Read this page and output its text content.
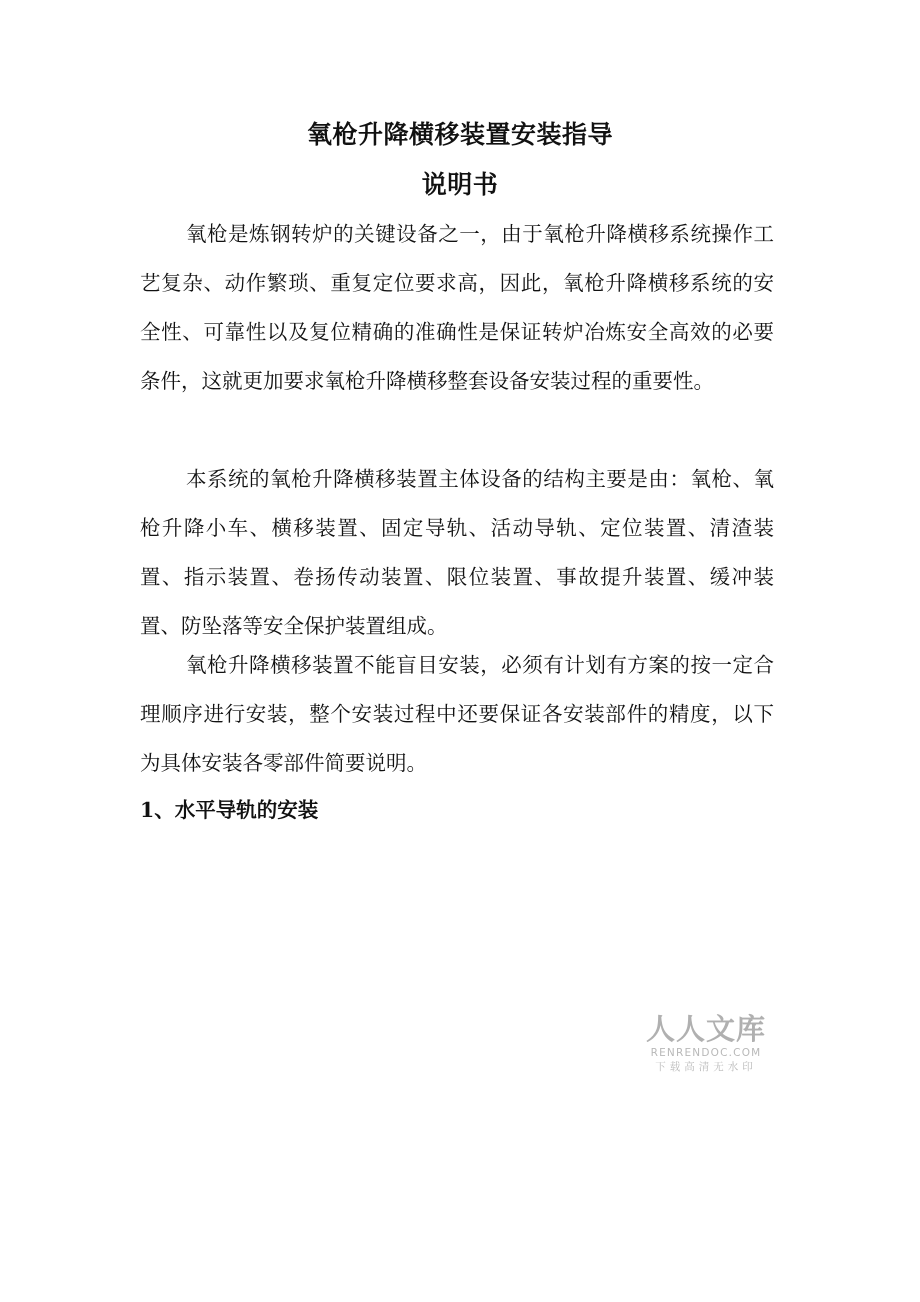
氧枪升降横移装置安装指导
说明书

氧枪是炼钢转炉的关键设备之一，由于氧枪升降横移系统操作工艺复杂、动作繁琐、重复定位要求高，因此，氧枪升降横移系统的安全性、可靠性以及复位精确的准确性是保证转炉冶炼安全高效的必要条件，这就更加要求氧枪升降横移整套设备安装过程的重要性。

本系统的氧枪升降横移装置主体设备的结构主要是由：氧枪、氧枪升降小车、横移装置、固定导轨、活动导轨、定位装置、清渣装置、指示装置、卷扬传动装置、限位装置、事故提升装置、缓冲装置、防坠落等安全保护装置组成。

氧枪升降横移装置不能盲目安装，必须有计划有方案的按一定合理顺序进行安装，整个安装过程中还要保证各安装部件的精度，以下为具体安装各零部件简要说明。

1、水平导轨的安装
人人文库
RENRENDOC.COM
下载高清无水印
